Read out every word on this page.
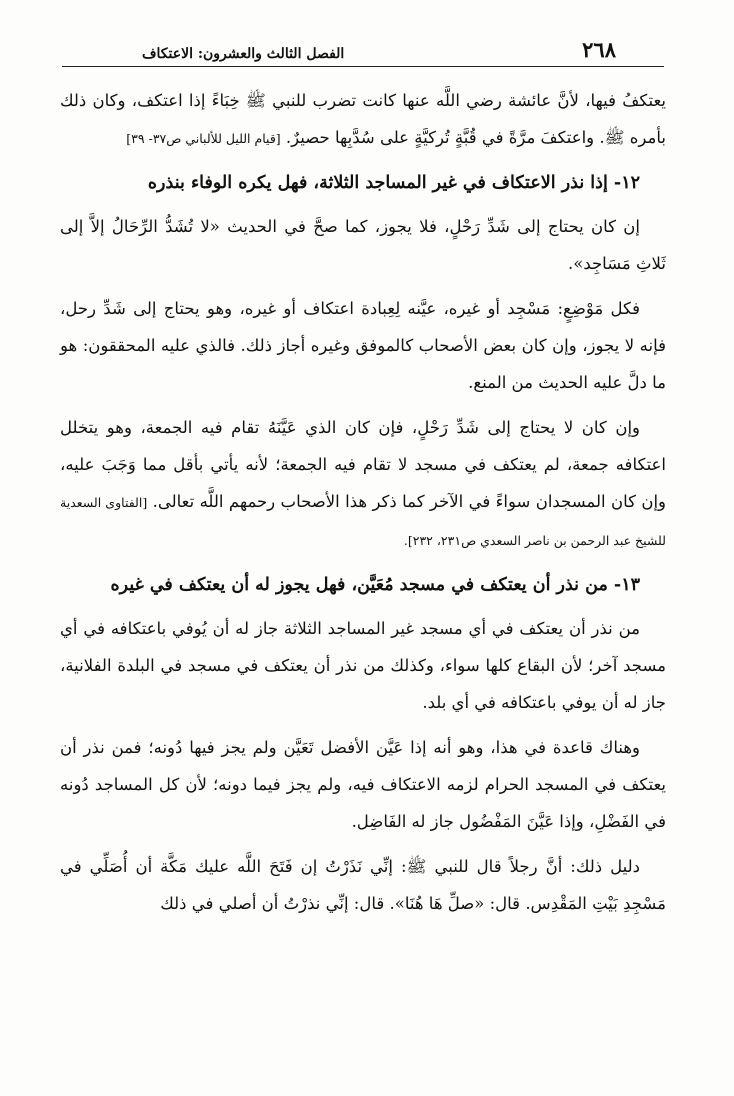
٢٦٨
الفصل الثالث والعشرون: الاعتكاف

يعتكفُ فيها، لأنَّ عائشة رضي اللَّه عنها كانت تضرب للنبي ﷺ خِبَاءً إذا اعتكف، وكان ذلك بأمره ﷺ. واعتكفَ مرَّةً في قُبَّةٍ تُركيَّةٍ على سُدَّبِها حصيرٌ. [قيام الليل للألباني ص٣٧- ٣٩]

١٢- إذا نذر الاعتكاف في غير المساجد الثلاثة، فهل يكره الوفاء بنذره

إن كان يحتاج إلى شَدِّ رَحْلٍ، فلا يجوز، كما صحَّ في الحديث «لا تُشَدُّ الرِّحَالُ إلاَّ إلى ثَلاثِ مَسَاجِد».

فكل مَوْضِعٍ: مَسْجِد أو غيره، عيَّنه لِعِبادة اعتكاف أو غيره، وهو يحتاج إلى شَدِّ رحل، فإنه لا يجوز، وإن كان بعض الأصحاب كالموفق وغيره أجاز ذلك. فالذي عليه المحققون: هو ما دلَّ عليه الحديث من المنع.

وإن كان لا يحتاج إلى شَدِّ رَحْلٍ، فإن كان الذي عَيَّنَهُ تقام فيه الجمعة، وهو يتخلل اعتكافه جمعة، لم يعتكف في مسجد لا تقام فيه الجمعة؛ لأنه يأتي بأقل مما وَجَبَ عليه، وإن كان المسجدان سواءً في الآخر كما ذكر هذا الأصحاب رحمهم اللَّه تعالى. [الفتاوى السعدية للشيخ عبد الرحمن بن ناصر السعدي ص٢٣١، ٢٣٢].

١٣- من نذر أن يعتكف في مسجد مُعَيَّن، فهل يجوز له أن يعتكف في غيره

من نذر أن يعتكف في أي مسجد غير المساجد الثلاثة جاز له أن يُوفي باعتكافه في أي مسجد آخر؛ لأن البقاع كلها سواء، وكذلك من نذر أن يعتكف في مسجد في البلدة الفلانية، جاز له أن يوفي باعتكافه في أي بلد.

وهناك قاعدة في هذا، وهو أنه إذا عَيَّن الأفضل تَعَيَّن ولم يجز فيها دُونه؛ فمن نذر أن يعتكف في المسجد الحرام لزمه الاعتكاف فيه، ولم يجز فيما دونه؛ لأن كل المساجد دُونه في الفَضْلِ، وإذا عَيَّنَ المَفْضُول جاز له الفَاضِل.

دليل ذلك: أنَّ رجلاً قال للنبي ﷺ: إنِّي نَذَرْتُ إن فَتَحَ اللَّه عليك مَكَّة أن أُصَلِّي في مَسْجِدِ بَيْتِ المَقْدِس. قال: «صلِّ هَا هُنَا». قال: إنِّي نذرْتُ أن أصلي في ذلك
